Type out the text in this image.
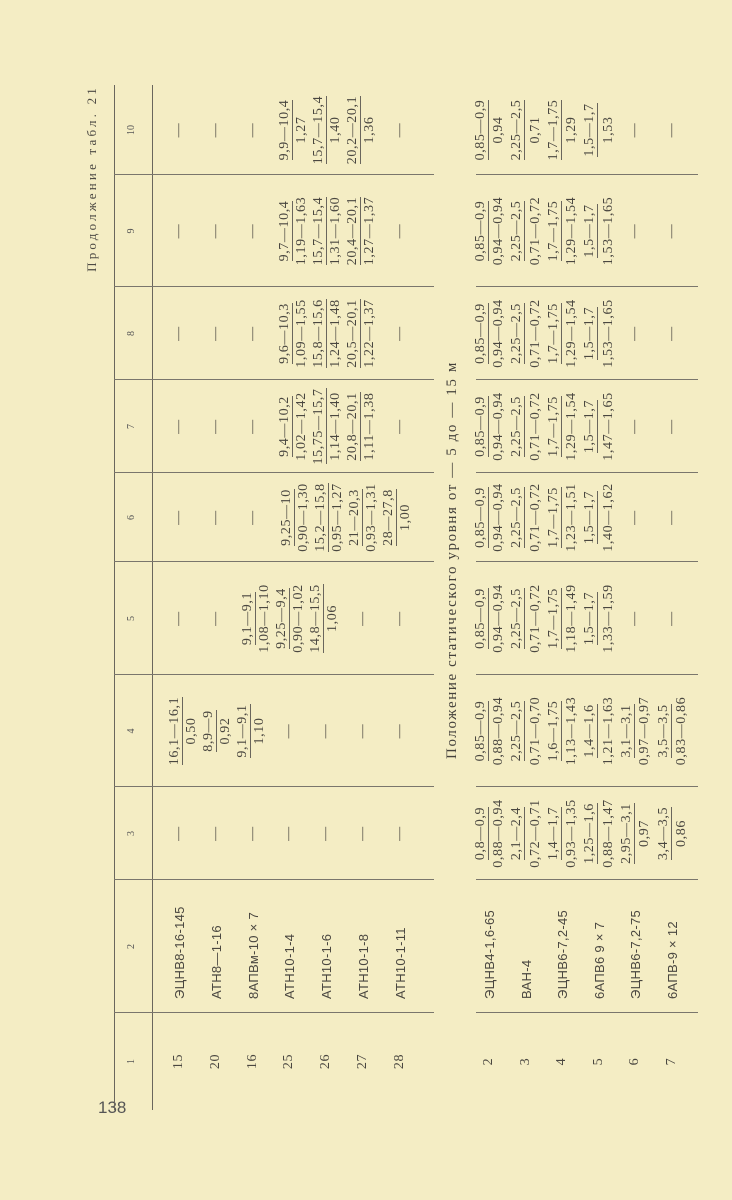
138
Продолжение табл. 21
Положение статического уровня от — 5 до — 15 м
1
2
3
4
5
6
7
8
9
10
15
ЭЦНВ8-16-145
20
АТН8—1-16
16
8АПВм-10 × 7
25
АТН10-1-4
26
АТН10-1-6
27
АТН10-1-8
28
АТН10-1-11
— — — — — — —
16,1—16,1 0,50 8,9—9 0,92 9,1—9,1 1,10 — — — —
— — 9,1—9,1 1,08—1,10 9,25—9,4 0,90—1,02 14,8—15,5 1,06 — —
— — — 9,25—10 0,90—1,30 15,2—15,8 0,95—1,27 21—20,3 0,93—1,31 28—27,8 1,00
— — — 9,4—10,2 1,02—1,42 15,75—15,7 1,14—1,40 20,8—20,1 1,11—1,38 —
— — — 9,6—10,3 1,09—1,55 15,8—15,6 1,24—1,48 20,5—20,1 1,22—1,37 —
— — — 9,7—10,4 1,19—1,63 15,7—15,4 1,31—1,60 20,4—20,1 1,27—1,37 —
— — — 9,9—10,4 1,27 15,7—15,4 1,40 20,2—20,1 1,36 —
2
ЭЦНВ4-1,6-65
3
ВАН-4
4
ЭЦНВ6-7,2-45
5
6АПВ6 9 × 7
6
ЭЦНВ6-7,2-75
7
6АПВ-9 × 12
0,8—0,9 0,88—0,94 2,1—2,4 0,72—0,71 1,4—1,7 0,93—1,35 1,25—1,6 0,88—1,47 2,95—3,1 0,97 3,4—3,5 0,86
0,85—0,9 0,88—0,94 2,25—2,5 0,71—0,70 1,6—1,75 1,13—1,43 1,4—1,6 1,21—1,63 3,1—3,1 0,97—0,97 3,5—3,5 0,83—0,86
0,85—0,9 0,94—0,94 2,25—2,5 0,71—0,72 1,7—1,75 1,18—1,49 1,5—1,7 1,33—1,59 — —
0,85—0,9 0,94—0,94 2,25—2,5 0,71—0,72 1,7—1,75 1,23—1,51 1,5—1,7 1,40—1,62 — —
0,85—0,9 0,94—0,94 2,25—2,5 0,71—0,72 1,7—1,75 1,29—1,54 1,5—1,7 1,47—1,65 — —
0,85—0,9 0,94—0,94 2,25—2,5 0,71—0,72 1,7—1,75 1,29—1,54 1,5—1,7 1,53—1,65 — —
0,85—0,9 0,94—0,94 2,25—2,5 0,71—0,72 1,7—1,75 1,29—1,54 1,5—1,7 1,53—1,65 — —
0,85—0,9 0,94 2,25—2,5 0,71 1,7—1,75 1,29 1,5—1,7 1,53 — —
